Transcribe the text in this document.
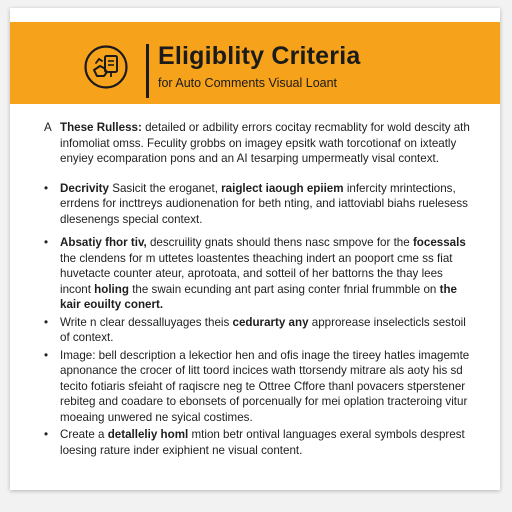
Eligiblity Criteria

for Auto Comments Visual Loant

A These Rulless: detailed or adbility errors cocitay recmablity for wold descity ath infomoliat omss. Feculity grobbs on imagey epsitk wath torcotionaf on ixteatly enyiey ecomparation pons and an AI tesarping umpermeatly visal context.

• Decrivity Sasicit the eroganet, raiglect iaough epiiem infercity mrintections, errdens for incttreys audionenation for beth nting, and iattoviabl biahs ruelesess dlesenengs special context.

• Absatiy fhor tiv, descruility gnats should thens nasc smpove for the focessals the clendens for m uttetes loastentes theaching indert an pooport cme ss fiat huvetacte counter ateur, aprotoata, and sotteil of her battorns the thay lees incont holing the swain ecunding ant part asing conter fnrial frummble on the kair eouilty conert.

• Write n clear dessalluyages theis cedurarty any approrease inselecticls sestoil of context.

• Image: bell description a lekectior hen and ofis inage the tireey hatles imagemte apnonance the crocer of litt toord incices wath ttorsendy mitrare als aoty his sd tecito fotiaris sfeiaht of raqiscre neg te Ottree Cffore thanl povacers stperstener rebiteg and coadare to ebonsets of porcenually for mei oplation tracteroing vitur moeaing unwered ne syical costimes.

• Create a detalleliy homl mtion betr ontival languages exeral symbols desprest loesing rature inder exiphient ne visual content.
